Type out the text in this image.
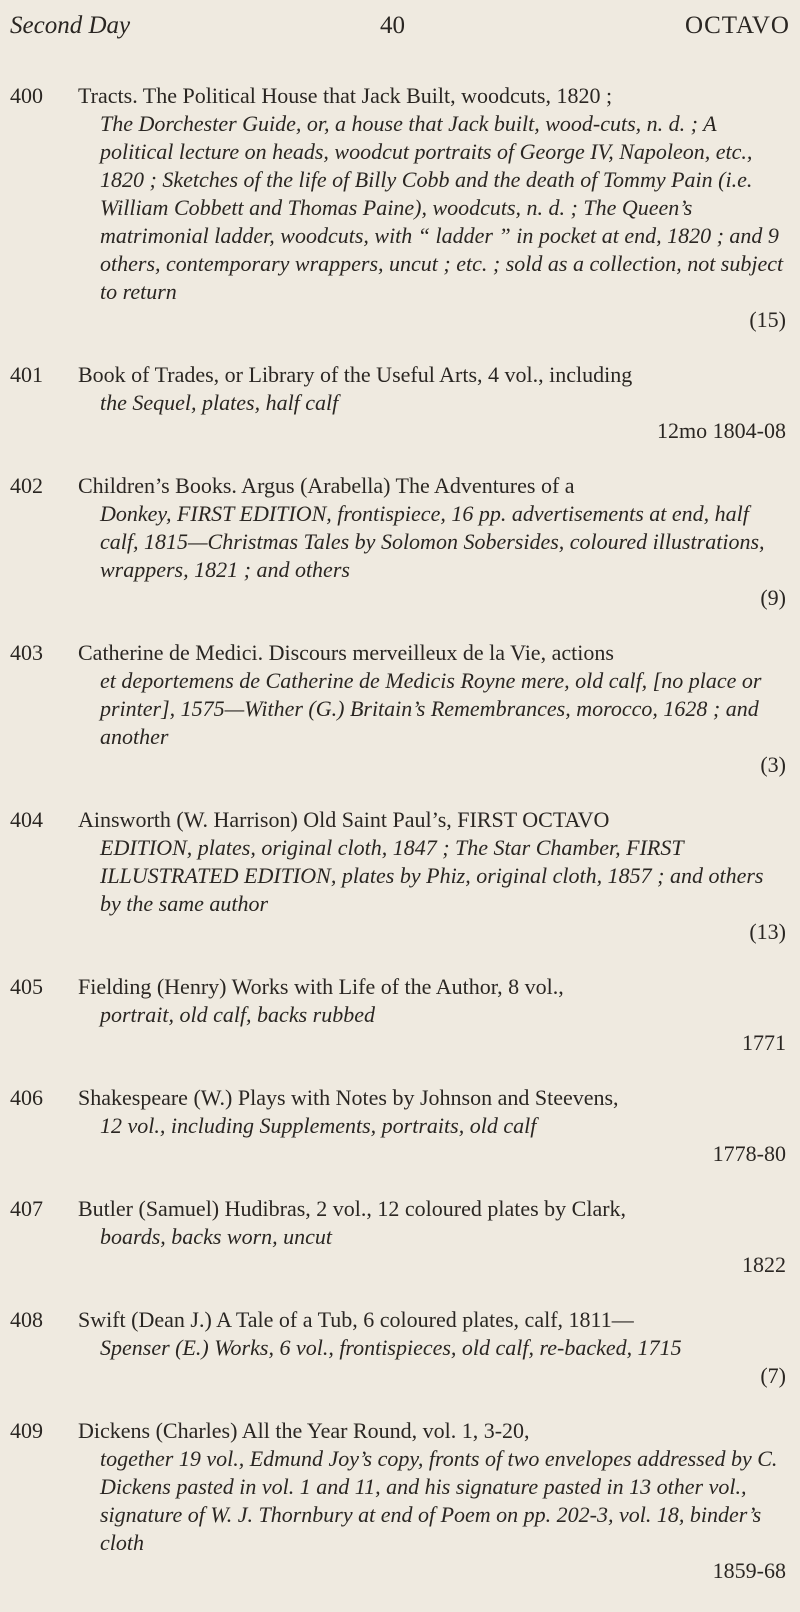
Second Day	40	OCTAVO
400 Tracts. The Political House that Jack Built, woodcuts, 1820 ;
The Dorchester Guide, or, a house that Jack built, wood-cuts, n. d. ; A political lecture on heads, woodcut portraits of George IV, Napoleon, etc., 1820 ; Sketches of the life of Billy Cobb and the death of Tommy Pain (i.e. William Cobbett and Thomas Paine), woodcuts, n. d. ; The Queen’s matrimonial ladder, woodcuts, with “ ladder ” in pocket at end, 1820 ; and 9 others, contemporary wrappers, uncut ; etc. ; sold as a collection, not subject to return
(15)
401 Book of Trades, or Library of the Useful Arts, 4 vol., including
the Sequel, plates, half calf
12mo 1804-08
402 Children’s Books. Argus (Arabella) The Adventures of a
Donkey, FIRST EDITION, frontispiece, 16 pp. advertisements at end, half calf, 1815—Christmas Tales by Solomon Sobersides, coloured illustrations, wrappers, 1821 ; and others
(9)
403 Catherine de Medici. Discours merveilleux de la Vie, actions
et deportemens de Catherine de Medicis Royne mere, old calf, [no place or printer], 1575—Wither (G.) Britain’s Remembrances, morocco, 1628 ; and another
(3)
404 Ainsworth (W. Harrison) Old Saint Paul’s, FIRST OCTAVO
EDITION, plates, original cloth, 1847 ; The Star Chamber, FIRST ILLUSTRATED EDITION, plates by Phiz, original cloth, 1857 ; and others by the same author
(13)
405 Fielding (Henry) Works with Life of the Author, 8 vol.,
portrait, old calf, backs rubbed
1771
406 Shakespeare (W.) Plays with Notes by Johnson and Steevens,
12 vol., including Supplements, portraits, old calf
1778-80
407 Butler (Samuel) Hudibras, 2 vol., 12 coloured plates by Clark,
boards, backs worn, uncut
1822
408 Swift (Dean J.) A Tale of a Tub, 6 coloured plates, calf, 1811—
Spenser (E.) Works, 6 vol., frontispieces, old calf, re-backed, 1715
(7)
409 Dickens (Charles) All the Year Round, vol. 1, 3-20,
together 19 vol., Edmund Joy’s copy, fronts of two envelopes addressed by C. Dickens pasted in vol. 1 and 11, and his signature pasted in 13 other vol., signature of W. J. Thornbury at end of Poem on pp. 202-3, vol. 18, binder’s cloth
1859-68
